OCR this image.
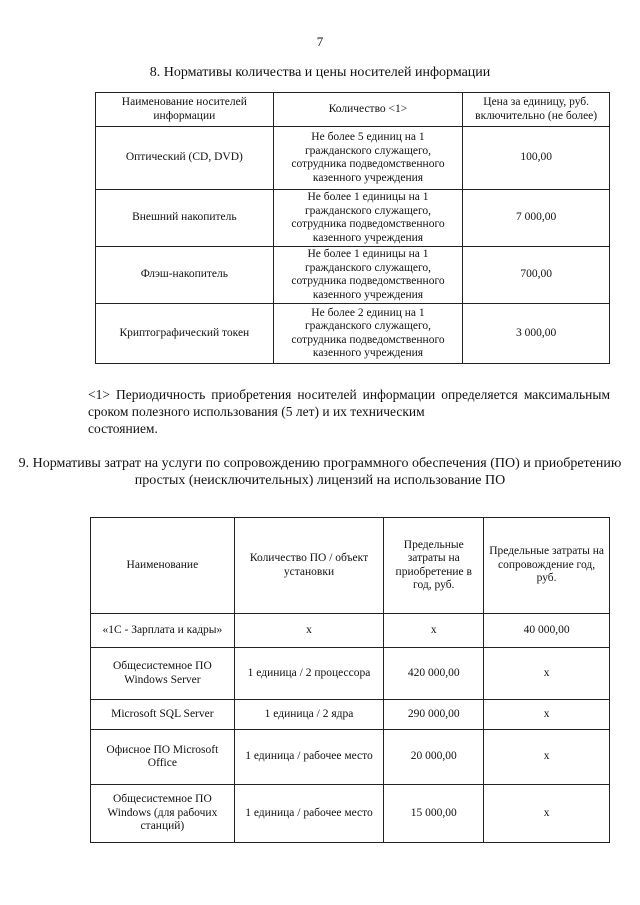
7
8. Нормативы количества и цены носителей информации
Наименование носителей информации	Количество <1>	Цена за единицу, руб. включительно (не более)
Оптический (CD, DVD)	Не более 5 единиц на 1 гражданского служащего, сотрудника подведомственного казенного учреждения	100,00
Внешний накопитель	Не более 1 единицы на 1 гражданского служащего, сотрудника подведомственного казенного учреждения	7 000,00
Флэш-накопитель	Не более 1 единицы на 1 гражданского служащего, сотрудника подведомственного казенного учреждения	700,00
Криптографический токен	Не более 2 единиц на 1 гражданского служащего, сотрудника подведомственного казенного учреждения	3 000,00
<1> Периодичность приобретения носителей информации определяется максимальным сроком полезного использования (5 лет) и их техническим
состоянием.
9. Нормативы затрат на услуги по сопровождению программного обеспечения (ПО) и приобретению простых (неисключительных) лицензий на использование ПО
Наименование	Количество ПО / объект установки	Предельные затраты на приобретение в год, руб.	Предельные затраты на сопровождение год, руб.
«1С - Зарплата и кадры»	х	х	40 000,00
Общесистемное ПО Windows Server	1 единица / 2 процессора	420 000,00	х
Microsoft SQL Server	1 единица / 2 ядра	290 000,00	х
Офисное ПО Microsoft Office	1 единица / рабочее место	20 000,00	х
Общесистемное ПО Windows (для рабочих станций)	1 единица / рабочее место	15 000,00	х
